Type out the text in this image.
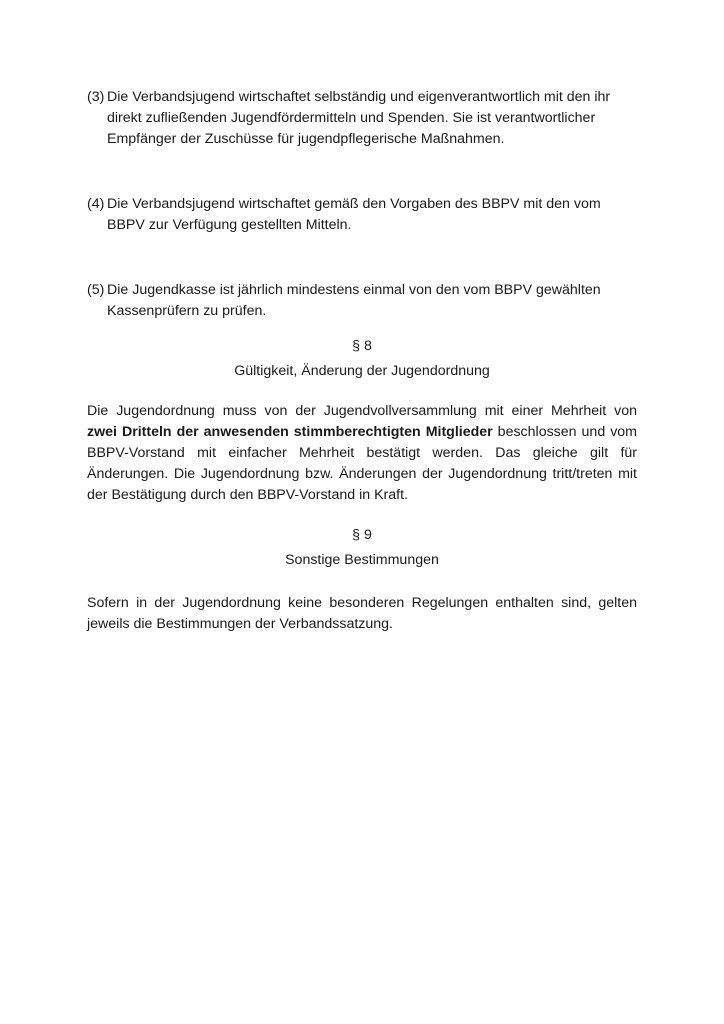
(3) Die Verbandsjugend wirtschaftet selbständig und eigenverantwortlich mit den ihr
direkt zufließenden Jugendfördermitteln und Spenden. Sie ist verantwortlicher
Empfänger der Zuschüsse für jugendpflegerische Maßnahmen.
(4) Die Verbandsjugend wirtschaftet gemäß den Vorgaben des BBPV mit den vom
BBPV zur Verfügung gestellten Mitteln.
(5) Die Jugendkasse ist jährlich mindestens einmal von den vom BBPV gewählten
Kassenprüfern zu prüfen.
§ 8
Gültigkeit, Änderung der Jugendordnung
Die Jugendordnung muss von der Jugendvollversammlung mit einer Mehrheit von
zwei Dritteln der anwesenden stimmberechtigten Mitglieder beschlossen und vom
BBPV-Vorstand mit einfacher Mehrheit bestätigt werden. Das gleiche gilt für
Änderungen. Die Jugendordnung bzw. Änderungen der Jugendordnung tritt/treten mit
der Bestätigung durch den BBPV-Vorstand in Kraft.
§ 9
Sonstige Bestimmungen
Sofern in der Jugendordnung keine besonderen Regelungen enthalten sind, gelten
jeweils die Bestimmungen der Verbandssatzung.
